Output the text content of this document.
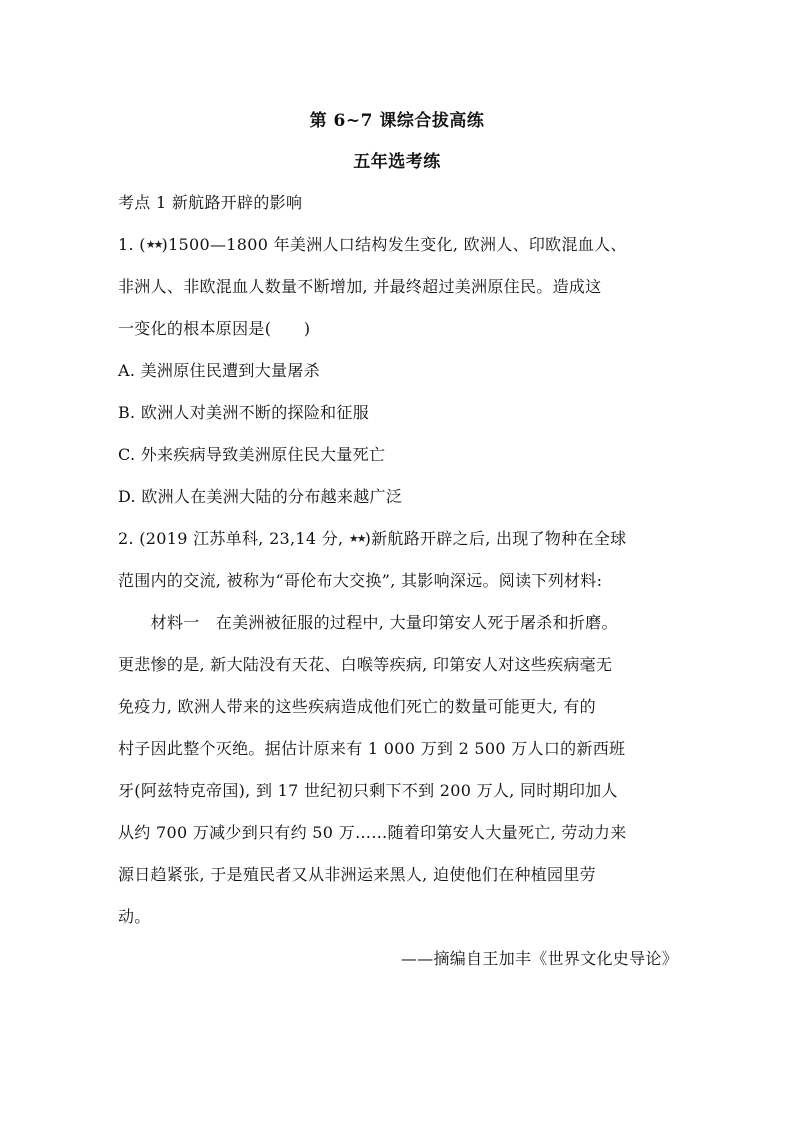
第 6~7 课综合拔高练
五年选考练
考点 1 新航路开辟的影响
1. (★★)1500—1800 年美洲人口结构发生变化, 欧洲人、印欧混血人、
非洲人、非欧混血人数量不断增加, 并最终超过美洲原住民。造成这
一变化的根本原因是(　　)
A. 美洲原住民遭到大量屠杀
B. 欧洲人对美洲不断的探险和征服
C. 外来疾病导致美洲原住民大量死亡
D. 欧洲人在美洲大陆的分布越来越广泛
2. (2019 江苏单科, 23,14 分, ★★)新航路开辟之后, 出现了物种在全球
范围内的交流, 被称为“哥伦布大交换”, 其影响深远。阅读下列材料:
　　材料一　在美洲被征服的过程中, 大量印第安人死于屠杀和折磨。
更悲惨的是, 新大陆没有天花、白喉等疾病, 印第安人对这些疾病毫无
免疫力, 欧洲人带来的这些疾病造成他们死亡的数量可能更大, 有的
村子因此整个灭绝。据估计原来有 1 000 万到 2 500 万人口的新西班
牙(阿兹特克帝国), 到 17 世纪初只剩下不到 200 万人, 同时期印加人
从约 700 万减少到只有约 50 万……随着印第安人大量死亡, 劳动力来
源日趋紧张, 于是殖民者又从非洲运来黑人, 迫使他们在种植园里劳
动。
——摘编自王加丰《世界文化史导论》
